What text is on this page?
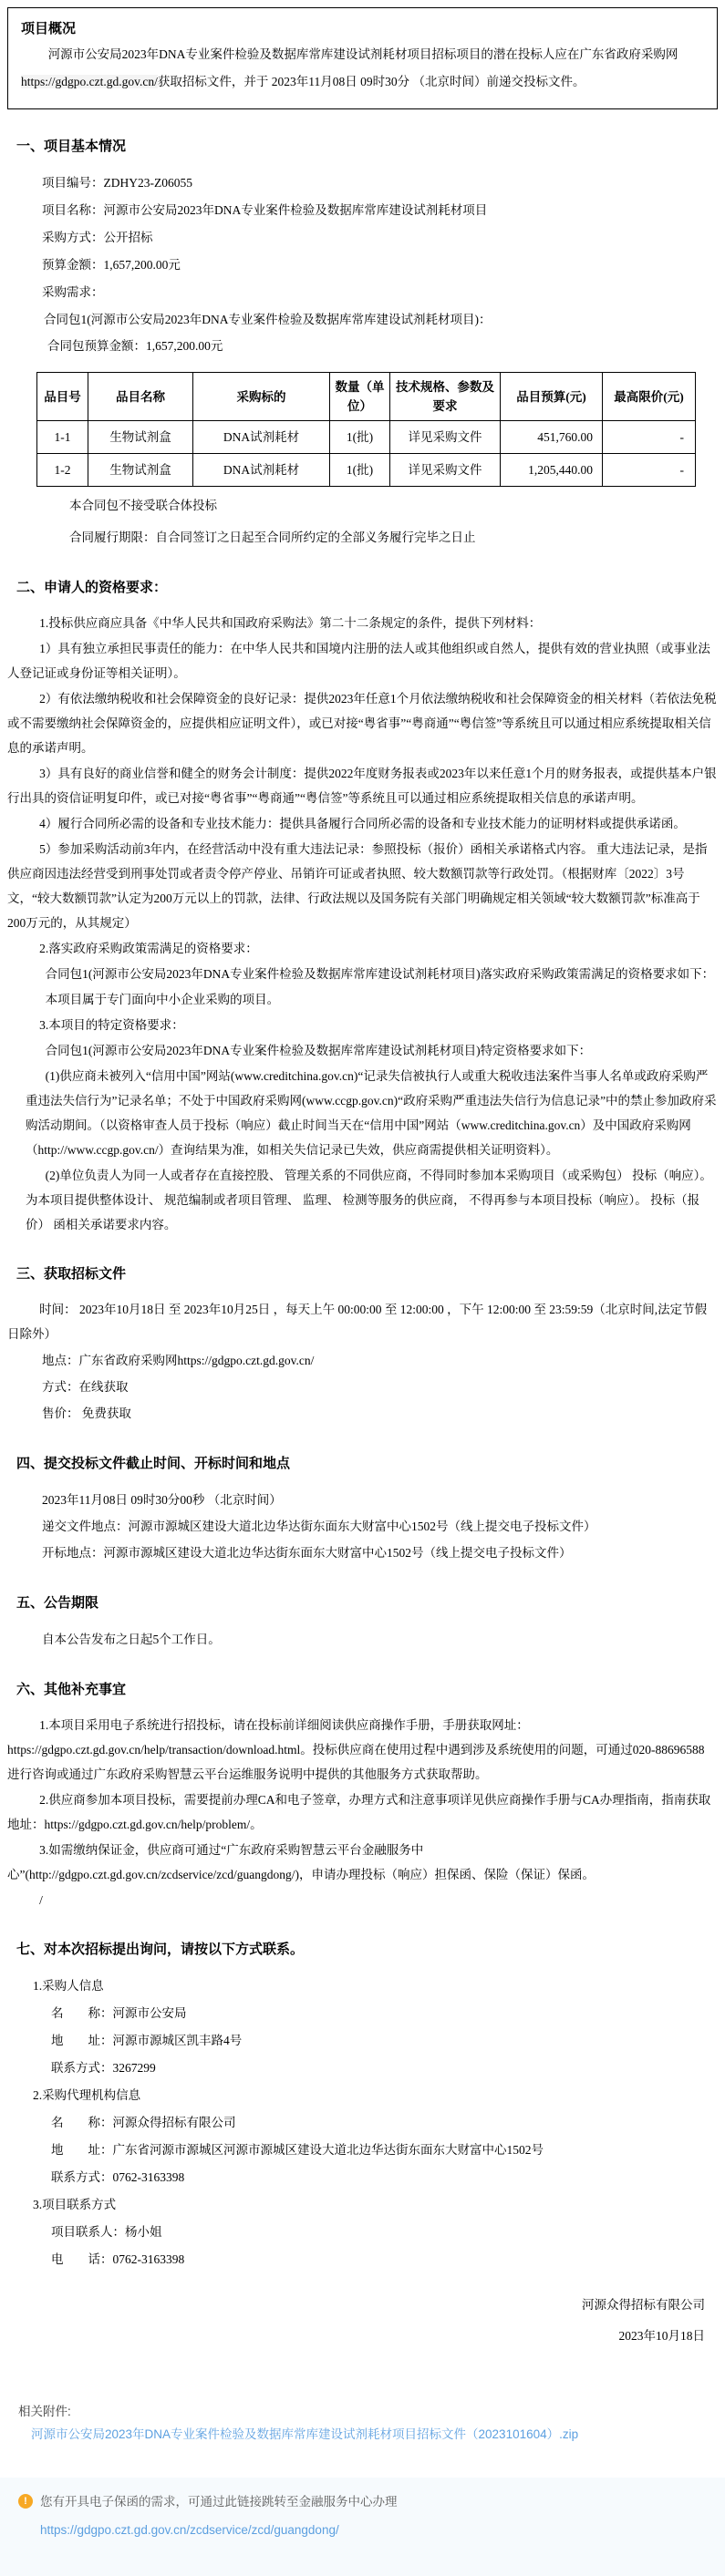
项目概况
河源市公安局2023年DNA专业案件检验及数据库常库建设试剂耗材项目招标项目的潜在投标人应在广东省政府采购网https://gdgpo.czt.gd.gov.cn/获取招标文件，并于 2023年11月08日 09时30分 （北京时间）前递交投标文件。
一、项目基本情况
项目编号：ZDHY23-Z06055
项目名称：河源市公安局2023年DNA专业案件检验及数据库常库建设试剂耗材项目
采购方式：公开招标
预算金额：1,657,200.00元
采购需求：
合同包1(河源市公安局2023年DNA专业案件检验及数据库常库建设试剂耗材项目)：
合同包预算金额：1,657,200.00元
品目号	品目名称	采购标的	数量（单位）	技术规格、参数及要求	品目预算(元)	最高限价(元)
1-1	生物试剂盒	DNA试剂耗材	1(批)	详见采购文件	451,760.00	-
1-2	生物试剂盒	DNA试剂耗材	1(批)	详见采购文件	1,205,440.00	-
本合同包不接受联合体投标
合同履行期限：自合同签订之日起至合同所约定的全部义务履行完毕之日止
二、申请人的资格要求：
1.投标供应商应具备《中华人民共和国政府采购法》第二十二条规定的条件，提供下列材料：
1）具有独立承担民事责任的能力：在中华人民共和国境内注册的法人或其他组织或自然人，提供有效的营业执照（或事业法人登记证或身份证等相关证明）。
2）有依法缴纳税收和社会保障资金的良好记录：提供2023年任意1个月依法缴纳税收和社会保障资金的相关材料（若依法免税或不需要缴纳社会保障资金的，应提供相应证明文件），或已对接“粤省事”“粤商通”“粤信签”等系统且可以通过相应系统提取相关信息的承诺声明。
3）具有良好的商业信誉和健全的财务会计制度：提供2022年度财务报表或2023年以来任意1个月的财务报表，或提供基本户银行出具的资信证明复印件，或已对接“粤省事”“粤商通”“粤信签”等系统且可以通过相应系统提取相关信息的承诺声明。
4）履行合同所必需的设备和专业技术能力：提供具备履行合同所必需的设备和专业技术能力的证明材料或提供承诺函。
5）参加采购活动前3年内，在经营活动中没有重大违法记录：参照投标（报价）函相关承诺格式内容。 重大违法记录，是指供应商因违法经营受到刑事处罚或者责令停产停业、吊销许可证或者执照、较大数额罚款等行政处罚。（根据财库〔2022〕3号文，“较大数额罚款”认定为200万元以上的罚款，法律、行政法规以及国务院有关部门明确规定相关领域“较大数额罚款”标准高于200万元的，从其规定）
2.落实政府采购政策需满足的资格要求：
合同包1(河源市公安局2023年DNA专业案件检验及数据库常库建设试剂耗材项目)落实政府采购政策需满足的资格要求如下：
本项目属于专门面向中小企业采购的项目。
3.本项目的特定资格要求：
合同包1(河源市公安局2023年DNA专业案件检验及数据库常库建设试剂耗材项目)特定资格要求如下：
(1)供应商未被列入“信用中国”网站(www.creditchina.gov.cn)“记录失信被执行人或重大税收违法案件当事人名单或政府采购严重违法失信行为”记录名单；不处于中国政府采购网(www.ccgp.gov.cn)“政府采购严重违法失信行为信息记录”中的禁止参加政府采购活动期间。（以资格审查人员于投标（响应）截止时间当天在“信用中国”网站（www.creditchina.gov.cn）及中国政府采购网（http://www.ccgp.gov.cn/）查询结果为准，如相关失信记录已失效，供应商需提供相关证明资料）。
(2)单位负责人为同一人或者存在直接控股、 管理关系的不同供应商，不得同时参加本采购项目（或采购包） 投标（响应）。 为本项目提供整体设计、 规范编制或者项目管理、 监理、 检测等服务的供应商， 不得再参与本项目投标（响应）。 投标（报价） 函相关承诺要求内容。
三、获取招标文件
时间： 2023年10月18日 至 2023年10月25日 ，每天上午 00:00:00 至 12:00:00 ，下午 12:00:00 至 23:59:59（北京时间,法定节假日除外）
地点：广东省政府采购网https://gdgpo.czt.gd.gov.cn/
方式：在线获取
售价： 免费获取
四、提交投标文件截止时间、开标时间和地点
2023年11月08日 09时30分00秒 （北京时间）
递交文件地点：河源市源城区建设大道北边华达街东面东大财富中心1502号（线上提交电子投标文件）
开标地点：河源市源城区建设大道北边华达街东面东大财富中心1502号（线上提交电子投标文件）
五、公告期限
自本公告发布之日起5个工作日。
六、其他补充事宜
1.本项目采用电子系统进行招投标，请在投标前详细阅读供应商操作手册，手册获取网址：https://gdgpo.czt.gd.gov.cn/help/transaction/download.html。投标供应商在使用过程中遇到涉及系统使用的问题，可通过020-88696588 进行咨询或通过广东政府采购智慧云平台运维服务说明中提供的其他服务方式获取帮助。
2.供应商参加本项目投标，需要提前办理CA和电子签章，办理方式和注意事项详见供应商操作手册与CA办理指南，指南获取地址：https://gdgpo.czt.gd.gov.cn/help/problem/。
3.如需缴纳保证金，供应商可通过“广东政府采购智慧云平台金融服务中心”(http://gdgpo.czt.gd.gov.cn/zcdservice/zcd/guangdong/)，申请办理投标（响应）担保函、保险（保证）保函。
/
七、对本次招标提出询问，请按以下方式联系。
1.采购人信息
名　　称：河源市公安局
地　　址：河源市源城区凯丰路4号
联系方式：3267299
2.采购代理机构信息
名　　称：河源众得招标有限公司
地　　址：广东省河源市源城区河源市源城区建设大道北边华达街东面东大财富中心1502号
联系方式：0762-3163398
3.项目联系方式
项目联系人：杨小姐
电　　话：0762-3163398
河源众得招标有限公司
2023年10月18日
相关附件:
河源市公安局2023年DNA专业案件检验及数据库常库建设试剂耗材项目招标文件（2023101604）.zip
!	您有开具电子保函的需求，可通过此链接跳转至金融服务中心办理
https://gdgpo.czt.gd.gov.cn/zcdservice/zcd/guangdong/
